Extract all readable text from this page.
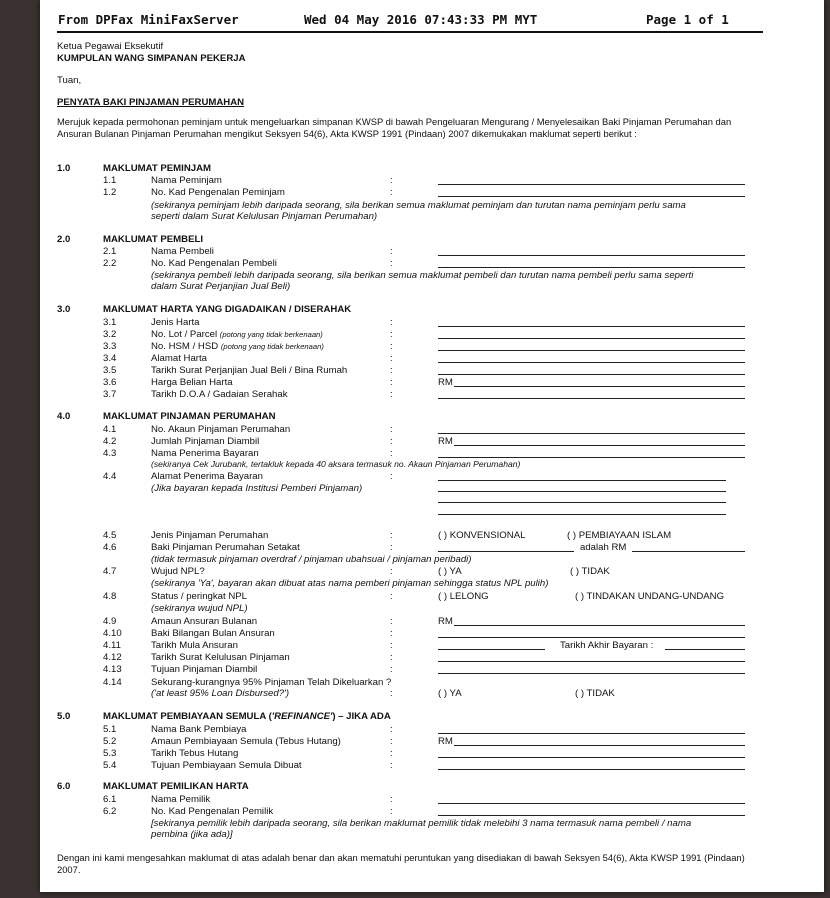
From DPFax MiniFaxServer	Wed 04 May 2016 07:43:33 PM MYT	Page 1 of 1
Ketua Pegawai Eksekutif
KUMPULAN WANG SIMPANAN PEKERJA
Tuan,
PENYATA BAKI PINJAMAN PERUMAHAN
Merujuk kepada permohonan peminjam untuk mengeluarkan simpanan KWSP di bawah Pengeluaran Mengurang / Menyelesaikan Baki Pinjaman Perumahan dan Ansuran Bulanan Pinjaman Perumahan mengikut Seksyen 54(6), Akta KWSP 1991 (Pindaan) 2007 dikemukakan maklumat seperti berikut :
1.0	MAKLUMAT PEMINJAM
1.1	Nama Peminjam	:
1.2	No. Kad Pengenalan Peminjam	:
(sekiranya peminjam lebih daripada seorang, sila berikan semua maklumat peminjam dan turutan nama peminjam perlu sama
seperti dalam Surat Kelulusan Pinjaman Perumahan)
2.0	MAKLUMAT PEMBELI
2.1	Nama Pembeli	:
2.2	No. Kad Pengenalan Pembeli	:
(sekiranya pembeli lebih daripada seorang, sila berikan semua maklumat pembeli dan turutan nama pembeli perlu sama seperti
dalam Surat Perjanjian Jual Beli)
3.0	MAKLUMAT HARTA YANG DIGADAIKAN / DISERAHAK
3.1	Jenis Harta	:
3.2	No. Lot / Parcel (potong yang tidak berkenaan)	:
3.3	No. HSM / HSD (potong yang tidak berkenaan)	:
3.4	Alamat Harta	:
3.5	Tarikh Surat Perjanjian Jual Beli / Bina Rumah	:
3.6	Harga Belian Harta	:	RM
3.7	Tarikh D.O.A / Gadaian Serahak	:
4.0	MAKLUMAT PINJAMAN PERUMAHAN
4.1	No. Akaun Pinjaman Perumahan	:
4.2	Jumlah Pinjaman Diambil	:	RM
4.3	Nama Penerima Bayaran	:
(sekiranya Cek Jurubank, tertakluk kepada 40 aksara termasuk no. Akaun Pinjaman Perumahan)
4.4	Alamat Penerima Bayaran	:
(Jika bayaran kepada Institusi Pemberi Pinjaman)
4.5	Jenis Pinjaman Perumahan	:	( ) KONVENSIONAL	( ) PEMBIAYAAN ISLAM
4.6	Baki Pinjaman Perumahan Setakat	:	adalah RM
(tidak termasuk pinjaman overdraf / pinjaman ubahsuai / pinjaman peribadi)
4.7	Wujud NPL?	:	( ) YA	( ) TIDAK
(sekiranya 'Ya', bayaran akan dibuat atas nama pemberi pinjaman sehingga status NPL pulih)
4.8	Status / peringkat NPL	:	( ) LELONG	( ) TINDAKAN UNDANG-UNDANG
(sekiranya wujud NPL)
4.9	Amaun Ansuran Bulanan	:	RM
4.10	Baki Bilangan Bulan Ansuran	:
4.11	Tarikh Mula Ansuran	:	Tarikh Akhir Bayaran :
4.12	Tarikh Surat Kelulusan Pinjaman	:
4.13	Tujuan Pinjaman Diambil	:
4.14	Sekurang-kurangnya 95% Pinjaman Telah Dikeluarkan ?
('at least 95% Loan Disbursed?')	:	( ) YA	( ) TIDAK
5.0	MAKLUMAT PEMBIAYAAN SEMULA ('REFINANCE') – JIKA ADA
5.1	Nama Bank Pembiaya	:
5.2	Amaun Pembiayaan Semula (Tebus Hutang)	:	RM
5.3	Tarikh Tebus Hutang	:
5.4	Tujuan Pembiayaan Semula Dibuat	:
6.0	MAKLUMAT PEMILIKAN HARTA
6.1	Nama Pemilik	:
6.2	No. Kad Pengenalan Pemilik	:
[sekiranya pemilik lebih daripada seorang, sila berikan maklumat pemilik tidak melebihi 3 nama termasuk nama pembeli / nama
pembina (jika ada)]
Dengan ini kami mengesahkan maklumat di atas adalah benar dan akan mematuhi peruntukan yang disediakan di bawah Seksyen 54(6), Akta KWSP 1991 (Pindaan) 2007.
